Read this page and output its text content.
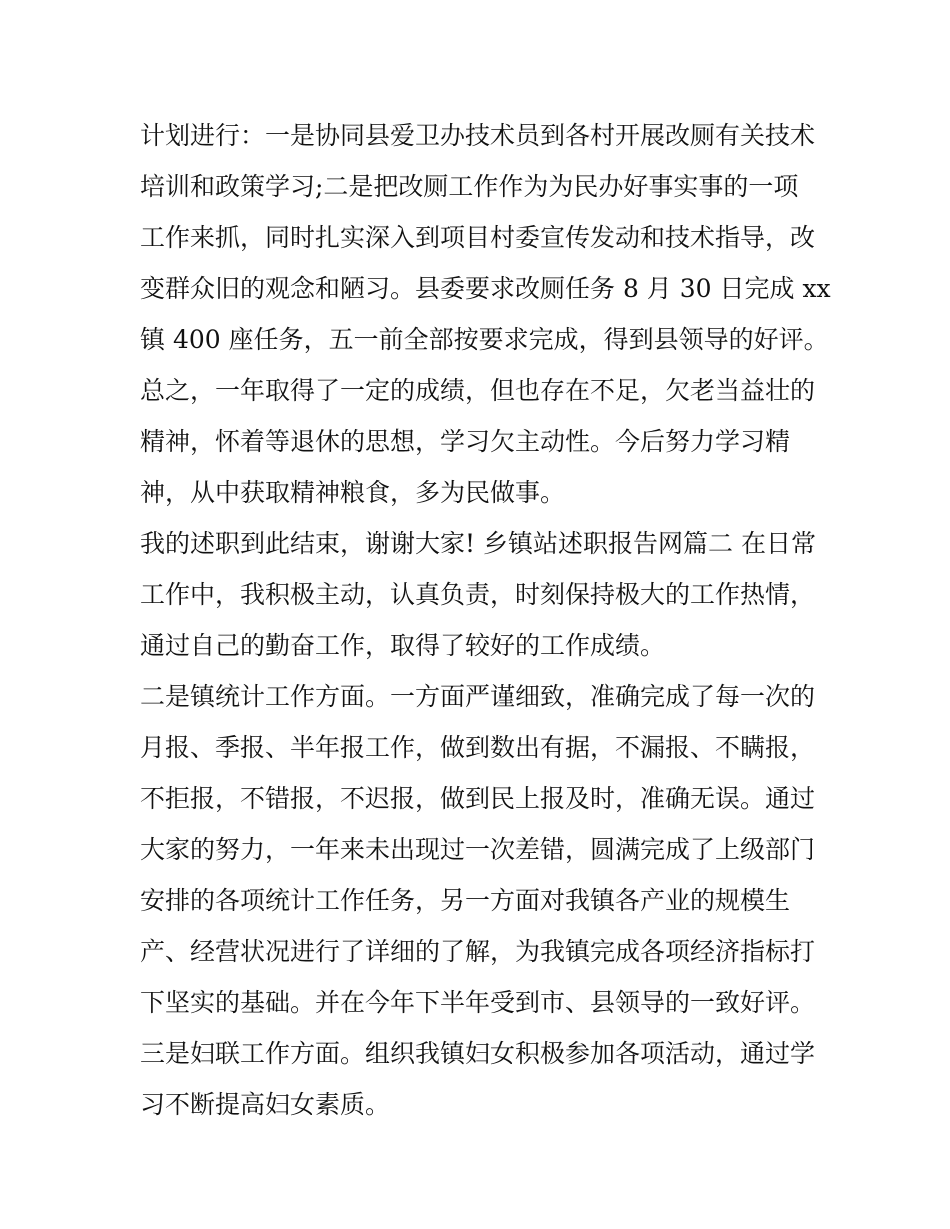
计划进行：一是协同县爱卫办技术员到各村开展改厕有关技术
培训和政策学习;二是把改厕工作作为为民办好事实事的一项
工作来抓，同时扎实深入到项目村委宣传发动和技术指导，改
变群众旧的观念和陋习。县委要求改厕任务 8 月 30 日完成 xx
镇 400 座任务，五一前全部按要求完成，得到县领导的好评。
总之，一年取得了一定的成绩，但也存在不足，欠老当益壮的
精神，怀着等退休的思想，学习欠主动性。今后努力学习精
神，从中获取精神粮食，多为民做事。
我的述职到此结束，谢谢大家! 乡镇站述职报告网篇二 在日常
工作中，我积极主动，认真负责，时刻保持极大的工作热情，
通过自己的勤奋工作，取得了较好的工作成绩。
二是镇统计工作方面。一方面严谨细致，准确完成了每一次的
月报、季报、半年报工作，做到数出有据，不漏报、不瞒报，
不拒报，不错报，不迟报，做到民上报及时，准确无误。通过
大家的努力，一年来未出现过一次差错，圆满完成了上级部门
安排的各项统计工作任务，另一方面对我镇各产业的规模生
产、经营状况进行了详细的了解，为我镇完成各项经济指标打
下坚实的基础。并在今年下半年受到市、县领导的一致好评。
三是妇联工作方面。组织我镇妇女积极参加各项活动，通过学
习不断提高妇女素质。
